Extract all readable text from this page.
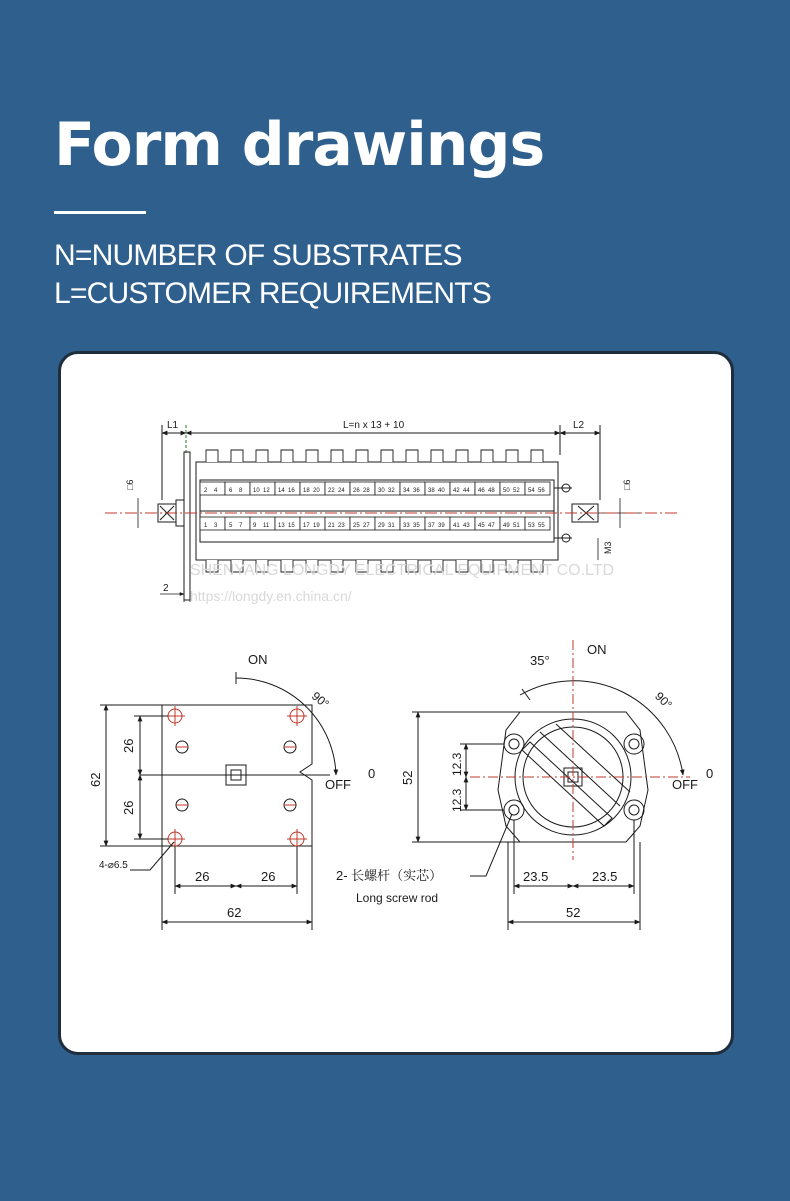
Form drawings
N=NUMBER OF SUBSTRATES
L=CUSTOMER REQUIREMENTS
2 4 6 8 10 12 14 16 18 20 22 24 26 28 30 32 34 36 38 40 42 44 46 48 50 52 54 56
1 3 5 7 9 11 13 15 17 19 21 23 25 27 29 31 33 35 37 39 41 43 45 47 49 51 53 55
L1	L=n x 13 + 10	L2
□6	□6
M3
2
SHENYANG LONGDY ELECTRICAL EQUIPMENT CO.LTD
https://longdy.en.china.cn/
ON
OFF
0
90°
62
26
26
26	26
62
4-⌀6.5
35°
ON
90°
OFF
0
52
12.3
12.3
23.5	23.5
52
2- 长螺杆（实芯）
Long screw rod
